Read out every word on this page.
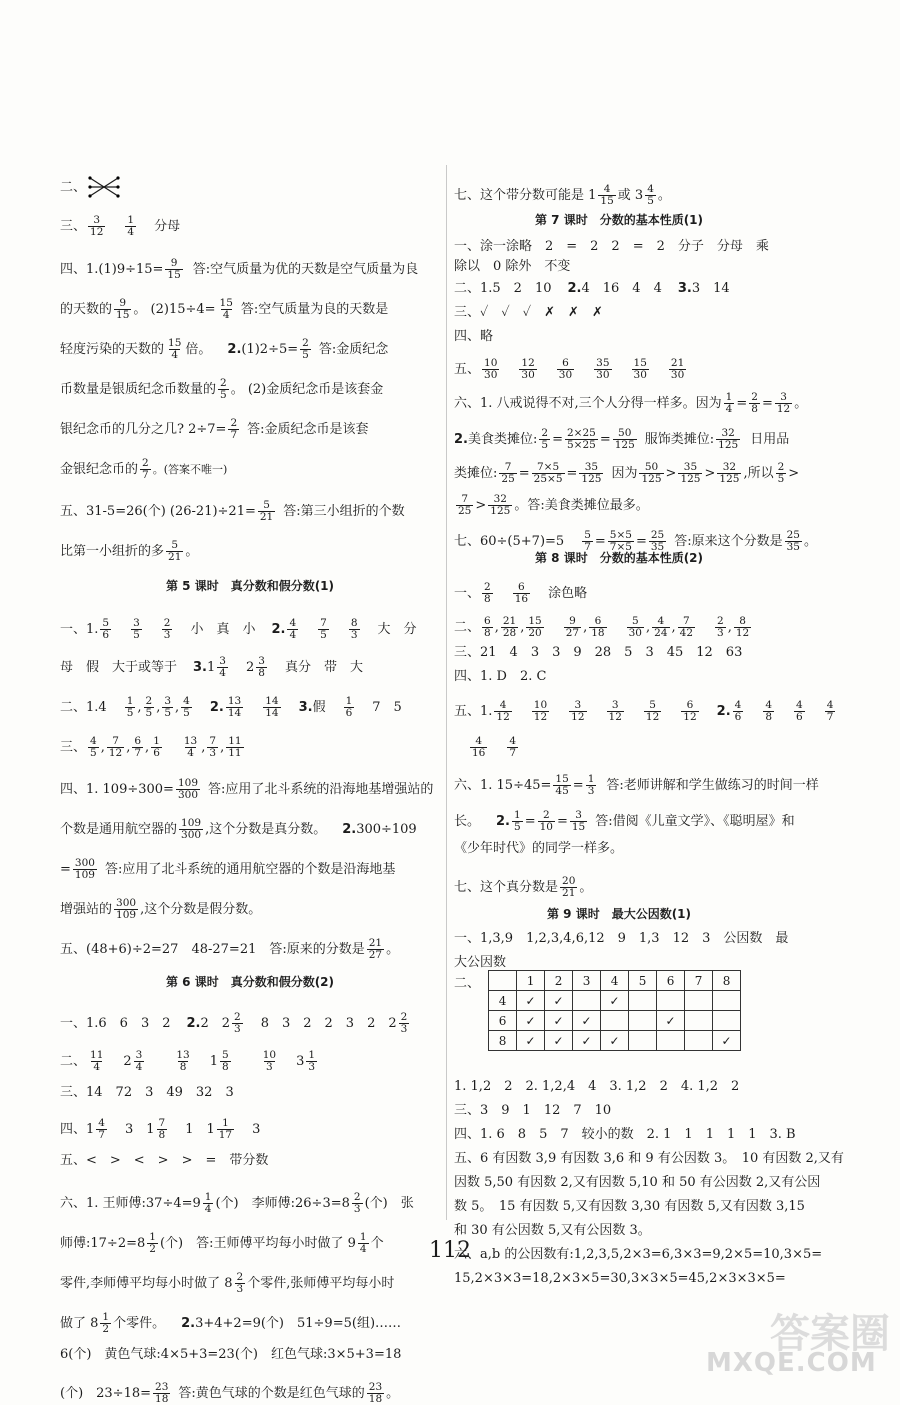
二、
三、 $\frac{3}{12} \frac{1}{4}$ 分母
四、$1.(1)9\div 15= \frac{9}{15}$ 答:空气质量为优的天数是空气质量为良
的天数的 $\frac{9}{15}$ 。 $(2)15\div 4= \frac{15}{4}$ 答:空气质量为良的天数是
轻度污染的天数的 $\frac{15}{4}$ 倍。 2. $(1)2\div 5= \frac{2}{5}$ 答:金质纪念
币数量是银质纪念币数量的 $\frac{2}{5}$ 。 (2)金质纪念币是该套金
银纪念币的几分之几? $2\div 7= \frac{2}{7}$ 答:金质纪念币是该套
金银纪念币的 $\frac{2}{7}$ 。(答案不唯一)
五、31-5=26(个) $(26-21)\div 21= \frac{5}{21}$ 答:第三小组折的个数
比第一小组折的多 $\frac{5}{21}$ 。
第 5 课时　真分数和假分数(1)
一、1. $\frac{5}{6} \frac{3}{5} \frac{2}{3}$ 小　真　小 2. $\frac{4}{4} \frac{7}{5} \frac{8}{3}$ 大　分
母　假　大于或等于 3. $1 \frac{3}{4} 2 \frac{3}{8}$ 真分　带　大
二、1. $4 \frac{1}{5}$ , $\frac{2}{5}$ , $\frac{3}{5}$ , $\frac{4}{5} 2$. $\frac{13}{14} \frac{14}{14} 3$. 假 $\frac{1}{6} 7$　5
三、 $\frac{4}{5}$ , $\frac{7}{12}$ , $\frac{6}{7}$ , $\frac{1}{6} \frac{13}{4}$ , $\frac{7}{3}$ , $\frac{11}{11}$
四、1. $109\div 300= \frac{109}{300}$ 答:应用了北斗系统的沿海地基增强站的
个数是通用航空器的 $\frac{109}{300}$ ,这个分数是真分数。 2. 300÷109
= $\frac{300}{109}$ 答:应用了北斗系统的通用航空器的个数是沿海地基
增强站的 $\frac{300}{109}$ ,这个分数是假分数。
五、(48+6)÷2=27　48-27=21　答:原来的分数是 $\frac{21}{27}$ 。
第 6 课时　真分数和假分数(2)
一、1. 6　6　3　2 2. 2　$2 \frac{2}{3} 8$　3　2　2　3　2　$2 \frac{2}{3}$
二、 $\frac{11}{4} 2 \frac{3}{4}$	$\frac{13}{8} 1 \frac{5}{8}$	$\frac{10}{3} 3 \frac{1}{3}$
三、14　72　3　49　32　3
四、$1 \frac{4}{7} 3$　$1 \frac{7}{8} 1$　$1 \frac{1}{17} 3$
五、<　>　<　>　>　=　带分数
六、1. 王师傅:37÷4=9 $\frac{1}{4}$ (个)　李师傅:26÷3=8 $\frac{2}{3}$ (个)　张
师傅:17÷2=8 $\frac{1}{2}$ (个)　答:王师傅平均每小时做了 $9 \frac{1}{4}$ 个
零件,李师傅平均每小时做了 $8 \frac{2}{3}$ 个零件,张师傅平均每小时
做了 $8 \frac{1}{2}$ 个零件。 2. 3+4+2=9(个)　51÷9=5(组)……
6(个)　黄色气球:4×5+3=23(个)　红色气球:3×5+3=18
(个)　$23\div 18= \frac{23}{18}$ 答:黄色气球的个数是红色气球的 $\frac{23}{18}$ 。
七、这个带分数可能是 $1 \frac{4}{15}$ 或 $3 \frac{4}{5}$ 。
第 7 课时　分数的基本性质(1)
一、涂一涂略　2　=　2　2　=　2　分子　分母　乘
除以　0 除外　不变
二、1. 5　2　10 2. 4　16　4　4 3. 3　14
三、✓　✓　✓　✗　✗　✗
四、略
五、 $\frac{10}{30} \frac{12}{30} \frac{6}{30} \frac{35}{30} \frac{15}{30} \frac{21}{30}$
六、1. 八戒说得不对,三个人分得一样多。因为 $\frac{1}{4} = \frac{2}{8} = \frac{3}{12}$ 。
2. 美食类摊位: $\frac{2}{5} = \frac{2\times 25}{5\times 25} = \frac{50}{125}$ 服饰类摊位: $\frac{32}{125}$ 日用品
类摊位: $\frac{7}{25} = \frac{7\times 5}{25\times 5} = \frac{35}{125}$ 因为 $\frac{50}{125} > \frac{35}{125} > \frac{32}{125}$ ,所以 $\frac{2}{5}$ >
$\frac{7}{25} > \frac{32}{125}$ 。答:美食类摊位最多。
七、$60\div(5+7)=5 \frac{5}{7} = \frac{5\times 5}{7\times 5} = \frac{25}{35}$ 答:原来这个分数是 $\frac{25}{35}$ 。
第 8 课时　分数的基本性质(2)
一、 $\frac{2}{8} \frac{6}{16}$ 涂色略
二、 $\frac{6}{8}$ , $\frac{21}{28}$ , $\frac{15}{20} \frac{9}{27}$ , $\frac{6}{18} \frac{5}{30}$ , $\frac{4}{24}$ , $\frac{7}{42} \frac{2}{3}$ , $\frac{8}{12}$
三、21　4　3　3　9　28　5　3　45　12　63
四、1. D　2. C
五、1. $\frac{4}{12} \frac{10}{12} \frac{3}{12} \frac{3}{12} \frac{5}{12} \frac{6}{12} 2$. $\frac{4}{6} \frac{4}{8} \frac{4}{6} \frac{4}{7}$
$\frac{4}{16} \frac{4}{7}$
六、1. $15\div 45= \frac{15}{45} = \frac{1}{3}$ 答:老师讲解和学生做练习的时间一样
长。 2. $\frac{1}{5} = \frac{2}{10} = \frac{3}{15}$ 答:借阅《儿童文学》、《聪明屋》和
《少年时代》的同学一样多。
七、这个真分数是 $\frac{20}{21}$ 。
第 9 课时　最大公因数(1)
一、1,3,9　1,2,3,4,6,12　9　1,3　12　3　公因数　最
大公因数
二、
		1	2	3	4	5	6	7	8
4	✓	✓		✓				
6	✓	✓	✓			✓		
8	✓	✓	✓	✓				✓
1. 1,2　2　2. 1,2,4　4　3. 1,2　2　4. 1,2　2
三、3　9　1　12　7　10
四、1. 6　8　5　7　较小的数　2. 1　1　1　1　1　3. B
五、6 有因数 3,9 有因数 3,6 和 9 有公因数 3。　10 有因数 2,又有
因数 5,50 有因数 2,又有因数 5,10 和 50 有公因数 2,又有公因
数 5。　15 有因数 5,又有因数 3,30 有因数 5,又有因数 3,15
和 30 有公因数 5,又有公因数 3。
六、a,b 的公因数有:1,2,3,5,2×3=6,3×3=9,2×5=10,3×5=
15,2×3×3=18,2×3×5=30,3×3×5=45,2×3×3×5=
112
答案圈
MXQE.COM
